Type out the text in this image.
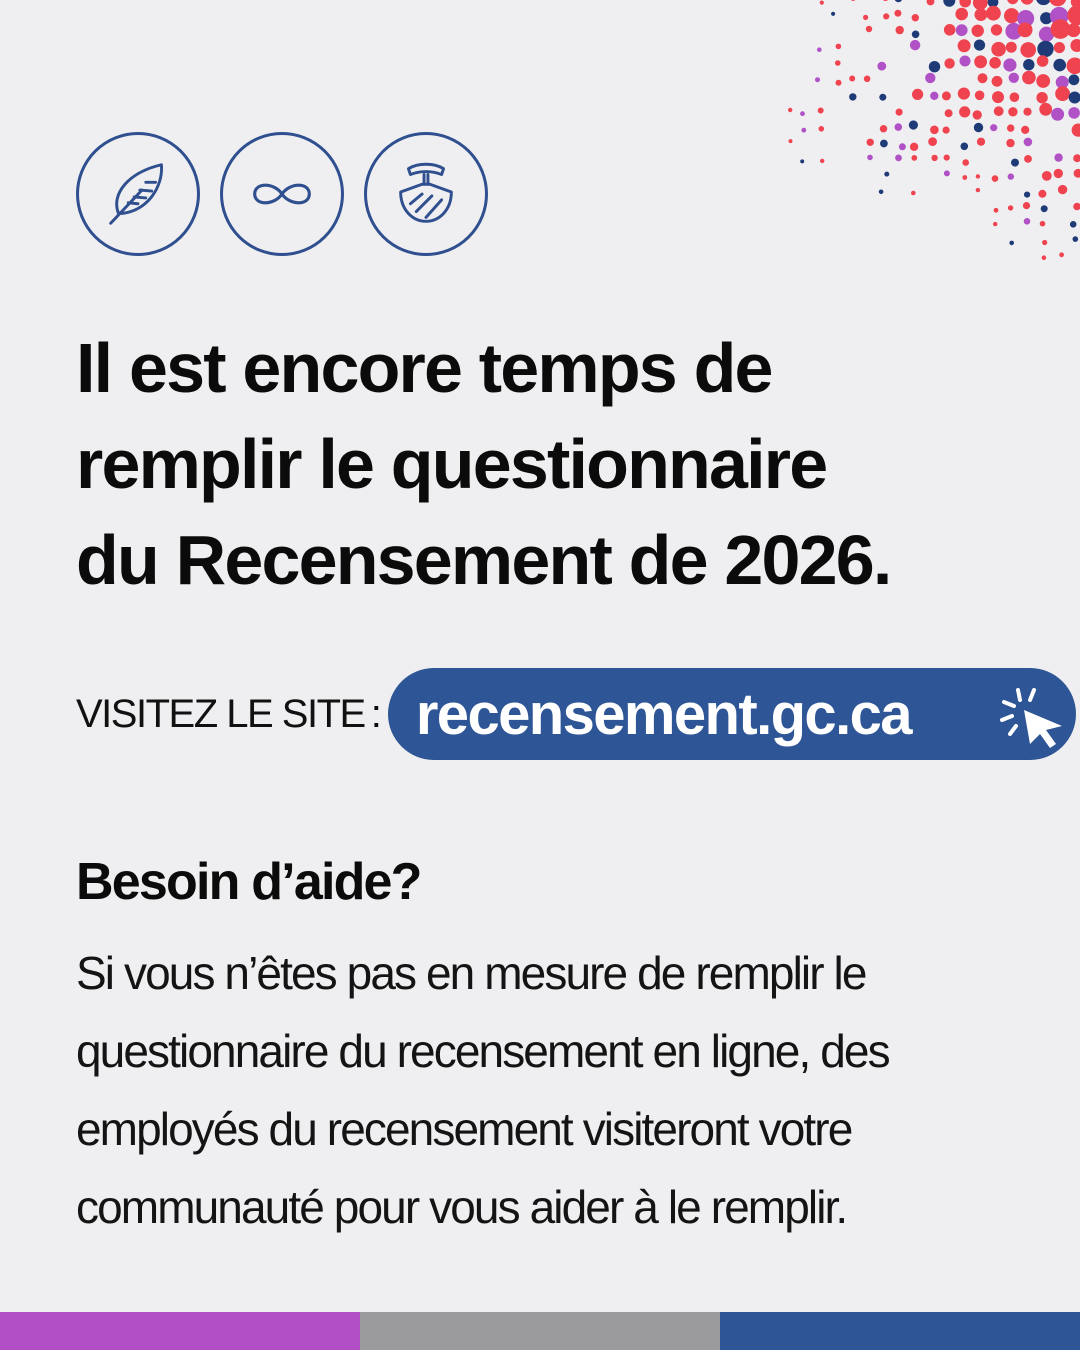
Il est encore temps de
remplir le questionnaire
du Recensement de 2026.
VISITEZ LE SITE : recensement.gc.ca
Besoin d’aide?

Si vous n’êtes pas en mesure de remplir le
questionnaire du recensement en ligne, des
employés du recensement visiteront votre
communauté pour vous aider à le remplir.
